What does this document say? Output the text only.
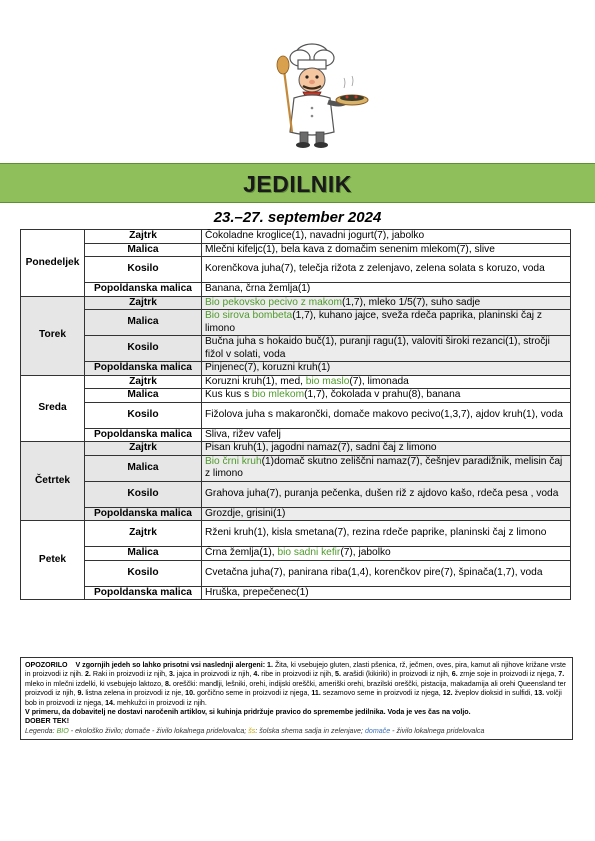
JEDILNIK
23.–27. september 2024
Ponedeljek	Zajtrk	Čokoladne kroglice(1), navadni jogurt(7), jabolko
	Malica	Mlečni kifeljc(1), bela kava z domačim senenim mlekom(7), slive
	Kosilo	Korenčkova juha(7), telečja rižota z zelenjavo, zelena solata s koruzo, voda
	Popoldanska malica	Banana, črna žemlja(1)
Torek	Zajtrk	Bio pekovsko pecivo z makom(1,7), mleko 1/5(7), suho sadje
	Malica	Bio sirova bombeta(1,7), kuhano jajce, sveža rdeča paprika, planinski čaj z limono
	Kosilo	Bučna juha s hokaido buč(1), puranji ragu(1), valoviti široki rezanci(1), stročji fižol v solati, voda
	Popoldanska malica	Pinjenec(7), koruzni kruh(1)
Sreda	Zajtrk	Koruzni kruh(1), med, bio maslo(7), limonada
	Malica	Kus kus s bio mlekom(1,7), čokolada v prahu(8), banana
	Kosilo	Fižolova juha s makarončki, domače makovo pecivo(1,3,7), ajdov kruh(1), voda
	Popoldanska malica	Sliva, rižev vafelj
Četrtek	Zajtrk	Pisan kruh(1), jagodni namaz(7), sadni čaj z limono
	Malica	Bio črni kruh(1)domač skutno zeliščni namaz(7), češnjev paradižnik, melisin čaj z limono
	Kosilo	Grahova juha(7), puranja pečenka, dušen riž z ajdovo kašo, rdeča pesa , voda
	Popoldanska malica	Grozdje, grisini(1)
Petek	Zajtrk	Rženi kruh(1), kisla smetana(7), rezina rdeče paprike, planinski čaj z limono
	Malica	Črna žemlja(1), bio sadni kefir(7), jabolko
	Kosilo	Cvetačna juha(7), panirana riba(1,4), korenčkov pire(7), špinača(1,7), voda
	Popoldanska malica	Hruška, prepečenec(1)
OPOZORILO V zgornjih jedeh so lahko prisotni vsi naslednji alergeni: 1. Žita, ki vsebujejo gluten, zlasti pšenica, rž, ječmen, oves, pira, kamut ali njihove križane vrste in proizvodi iz njih. 2. Raki in proizvodi iz njih, 3. jajca in proizvodi iz njih, 4. ribe in proizvodi iz njih, 5. arašidi (kikiriki) in proizvodi iz njih, 6. zrnje soje in proizvodi iz njega, 7. mleko in mlečni izdelki, ki vsebujejo laktozo, 8. oreščki: mandlji, lešniki, orehi, indijski oreščki, ameriški orehi, brazilski oreščki, pistacija, makadamija ali orehi Queensland ter proizvodi iz njih, 9. listna zelena in proizvodi iz nje, 10. gorčično seme in proizvodi iz njega, 11. sezamovo seme in proizvodi iz njega, 12. žveplov dioksid in sulfidi, 13. volčji bob in proizvodi iz njega, 14. mehkužci in proizvodi iz njih.
V primeru, da dobavitelj ne dostavi naročenih artiklov, si kuhinja pridržuje pravico do spremembe jedilnika. Voda je ves čas na voljo.
DOBER TEK!
Legenda: BIO - ekološko živilo; domače - živilo lokalnega pridelovalca; šs: šolska shema sadja in zelenjave; domače - živilo lokalnega pridelovalca
